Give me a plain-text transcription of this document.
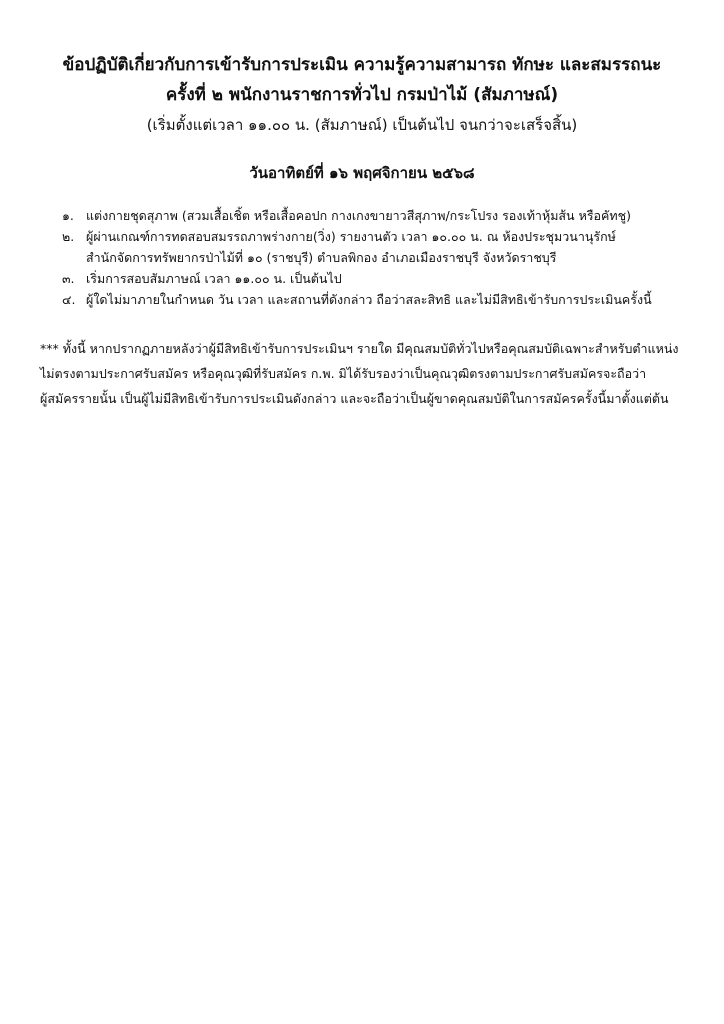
ข้อปฏิบัติเกี่ยวกับการเข้ารับการประเมิน ความรู้ความสามารถ ทักษะ และสมรรถนะ
ครั้งที่ ๒ พนักงานราชการทั่วไป กรมป่าไม้ (สัมภาษณ์)
(เริ่มตั้งแต่เวลา ๑๑.๐๐ น. (สัมภาษณ์) เป็นต้นไป จนกว่าจะเสร็จสิ้น)
วันอาทิตย์ที่ ๑๖ พฤศจิกายน ๒๕๖๘
๑. แต่งกายชุดสุภาพ (สวมเสื้อเชิ้ต หรือเสื้อคอปก กางเกงขายาวสีสุภาพ/กระโปรง รองเท้าหุ้มส้น หรือคัทชู)
๒. ผู้ผ่านเกณฑ์การทดสอบสมรรถภาพร่างกาย(วิ่ง) รายงานตัว เวลา ๑๐.๐๐ น. ณ ห้องประชุมวนานุรักษ์
สำนักจัดการทรัพยากรป่าไม้ที่ ๑๐ (ราชบุรี) ตำบลพิกอง อำเภอเมืองราชบุรี จังหวัดราชบุรี
๓. เริ่มการสอบสัมภาษณ์ เวลา ๑๑.๐๐ น. เป็นต้นไป
๔. ผู้ใดไม่มาภายในกำหนด วัน เวลา และสถานที่ดังกล่าว ถือว่าสละสิทธิ และไม่มีสิทธิเข้ารับการประเมินครั้งนี้
*** ทั้งนี้ หากปรากฏภายหลังว่าผู้มีสิทธิเข้ารับการประเมินฯ รายใด มีคุณสมบัติทั่วไปหรือคุณสมบัติเฉพาะสำหรับตำแหน่ง
ไม่ตรงตามประกาศรับสมัคร หรือคุณวุฒิที่รับสมัคร ก.พ. มิได้รับรองว่าเป็นคุณวุฒิตรงตามประกาศรับสมัครจะถือว่า
ผู้สมัครรายนั้น เป็นผู้ไม่มีสิทธิเข้ารับการประเมินดังกล่าว และจะถือว่าเป็นผู้ขาดคุณสมบัติในการสมัครครั้งนี้มาตั้งแต่ต้น
